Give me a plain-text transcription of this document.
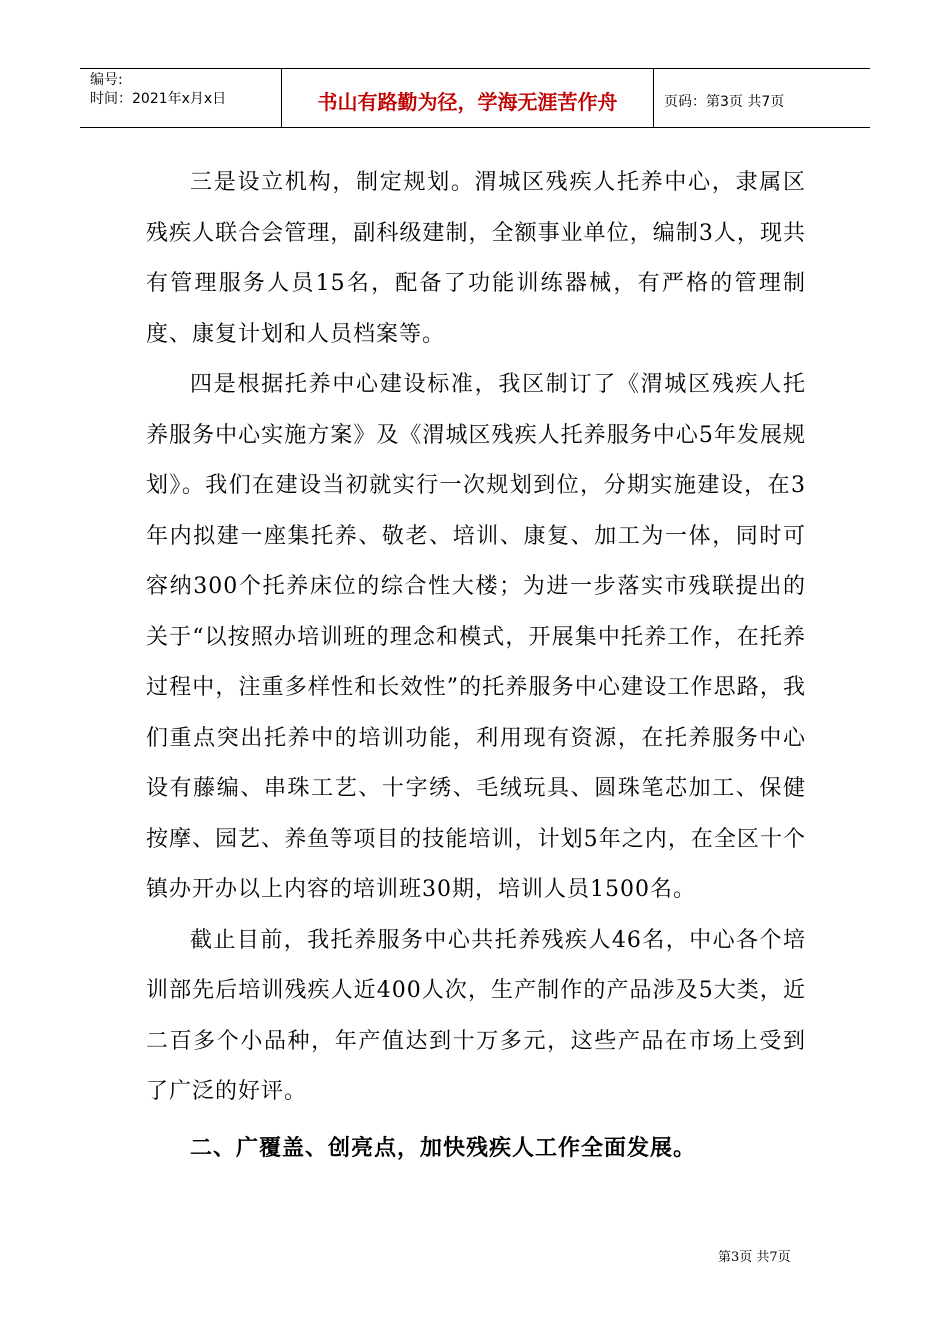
编号:
时间：2021年x月x日	书山有路勤为径，学海无涯苦作舟	页码：第3页 共7页

三是设立机构，制定规划。渭城区残疾人托养中心，隶属区残疾人联合会管理，副科级建制，全额事业单位，编制3人，现共有管理服务人员15名，配备了功能训练器械，有严格的管理制度、康复计划和人员档案等。

四是根据托养中心建设标准，我区制订了《渭城区残疾人托养服务中心实施方案》及《渭城区残疾人托养服务中心5年发展规划》。我们在建设当初就实行一次规划到位，分期实施建设，在3年内拟建一座集托养、敬老、培训、康复、加工为一体，同时可容纳300个托养床位的综合性大楼；为进一步落实市残联提出的关于“以按照办培训班的理念和模式，开展集中托养工作，在托养过程中，注重多样性和长效性”的托养服务中心建设工作思路，我们重点突出托养中的培训功能，利用现有资源，在托养服务中心设有藤编、串珠工艺、十字绣、毛绒玩具、圆珠笔芯加工、保健按摩、园艺、养鱼等项目的技能培训，计划5年之内，在全区十个镇办开办以上内容的培训班30期，培训人员1500名。

截止目前，我托养服务中心共托养残疾人46名，中心各个培训部先后培训残疾人近400人次，生产制作的产品涉及5大类，近二百多个小品种，年产值达到十万多元，这些产品在市场上受到了广泛的好评。

二、广覆盖、创亮点，加快残疾人工作全面发展。

第3页 共7页
